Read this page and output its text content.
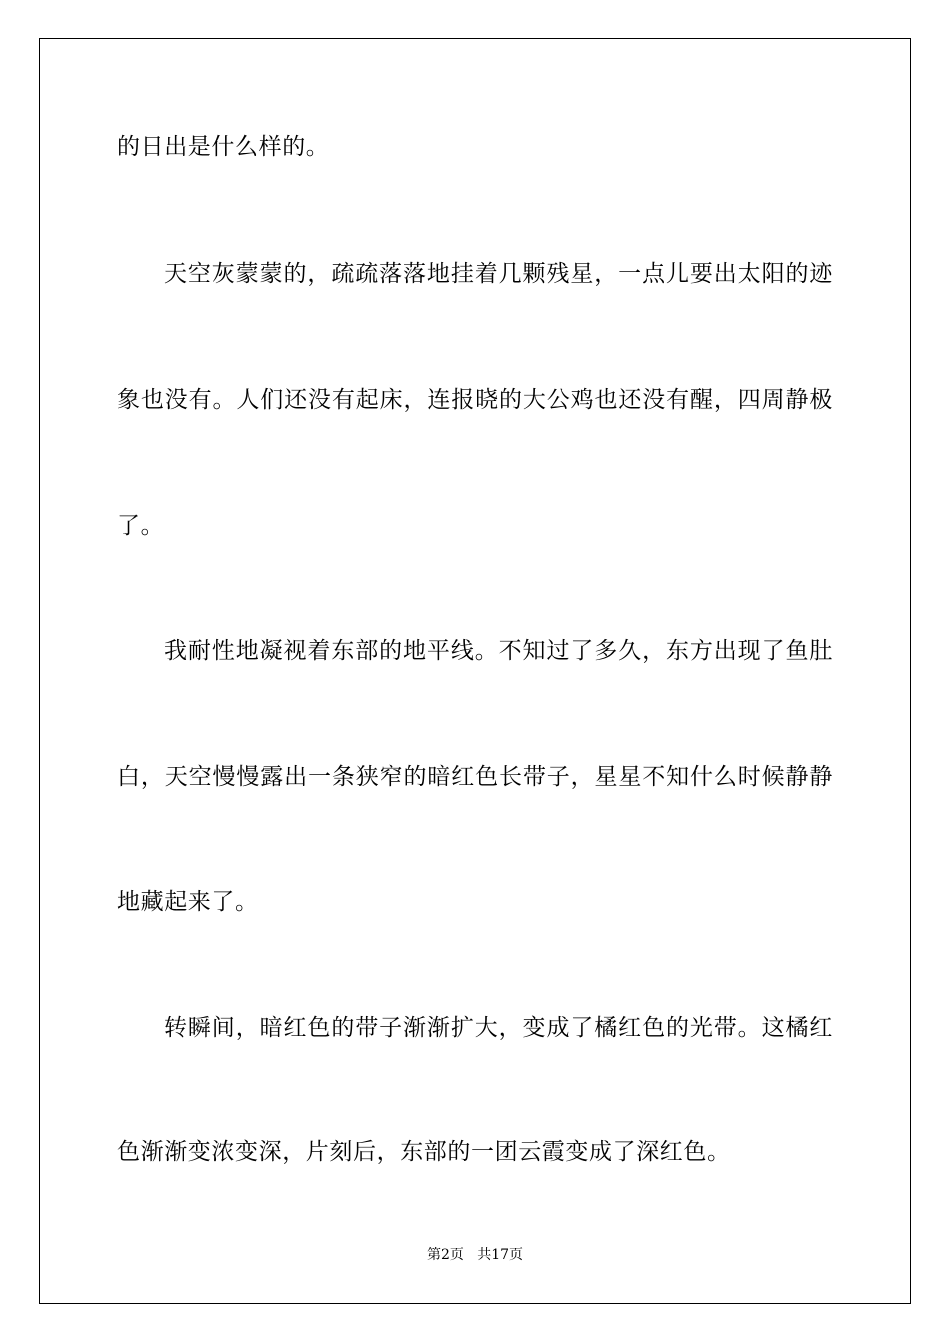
的日出是什么样的。
天空灰蒙蒙的，疏疏落落地挂着几颗残星，一点儿要出太阳的迹
象也没有。人们还没有起床，连报晓的大公鸡也还没有醒，四周静极
了。
我耐性地凝视着东部的地平线。不知过了多久，东方出现了鱼肚
白，天空慢慢露出一条狭窄的暗红色长带子，星星不知什么时候静静
地藏起来了。
转瞬间，暗红色的带子渐渐扩大，变成了橘红色的光带。这橘红
色渐渐变浓变深，片刻后，东部的一团云霞变成了深红色。
第2页   共17页
